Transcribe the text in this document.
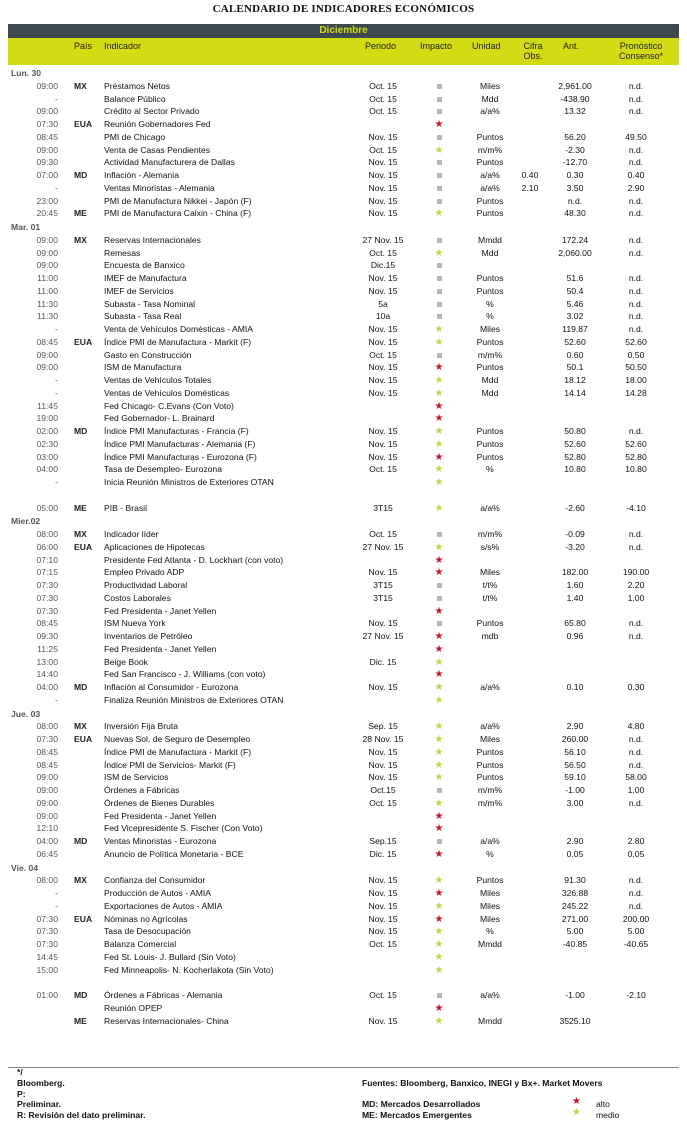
CALENDARIO DE INDICADORES ECONÓMICOS
Diciembre
País Indicador	Periodo	Impacto Unidad	Cifra Obs.
Ant.	Pronóstico Consenso*
Lun. 30
09:00 MX Préstamos Netos	Oct. 15	Miles	2,961.00	n.d.
-	Balance Público	Oct. 15	Mdd	-438.90	n.d.
09:00	Crédito al Sector Privado	Oct. 15	a/a%	13.32	n.d.
07:30 EUA Reunión Gobernadores Fed	★
08:45	PMI de Chicago	Nov. 15	Puntos	56.20	49.50
09:00	Venta de Casas Pendientes	Oct. 15	★	m/m%	-2.30	n.d.
09:30	Actividad Manufacturera de Dallas	Nov. 15	Puntos	-12.70	n.d.
07:00 MD Inflación - Alemania	Nov. 15	a/a%	0.40	0.30	0.40
-	Ventas Minoristas - Alemania	Nov. 15	a/a%	2.10	3.50	2.90
23:00	PMI de Manufactura Nikkei - Japón (F)	Nov. 15	Puntos	n.d.	n.d.
20:45 ME PMI de Manufactura Caixin - China (F)	Nov. 15	★	Puntos	48.30	n.d.
Mar. 01
09:00 MX Reservas Internacionales	27 Nov. 15	Mmdd	172.24	n.d.
09:00	Remesas	Oct. 15	★	Mdd	2,060.00	n.d.
09:00	Encuesta de Banxico	Dic.15
11:00	IMEF de Manufactura	Nov. 15	Puntos	51.6	n.d.
11:00	IMEF de Servicios	Nov. 15	Puntos	50.4	n.d.
11:30	Subasta - Tasa Nominal	5a	%	5.46	n.d.
11:30	Subasta - Tasa Real	10a	%	3.02	n.d.
-	Venta de Vehículos Domésticas - AMIA	Nov. 15	★	Miles	119.87	n.d.
08:45 EUA Índice PMI de Manufactura - Markit (F)	Nov. 15	★	Puntos	52.60	52.60
09:00	Gasto en Construcción	Oct. 15	m/m%	0.60	0.50
09:00	ISM de Manufactura	Nov. 15	★	Puntos	50.1	50.50
-	Ventas de Vehículos Totales	Nov. 15	★	Mdd	18.12	18.00
-	Ventas de Vehículos Domésticas	Nov. 15	★	Mdd	14.14	14.28
11:45	Fed Chicago- C.Evans (Con Voto)	★
19:00	Fed Gobernador- L. Brainard	★
02:00 MD Índice PMI Manufacturas - Francia (F)	Nov. 15	★	Puntos	50.80	n.d.
02:30	Índice PMI Manufacturas - Alemania (F)	Nov. 15	★	Puntos	52.60	52.60
03:00	Índice PMI Manufacturas - Eurozona (F)	Nov. 15	★	Puntos	52.80	52.80
04:00	Tasa de Desempleo- Eurozona	Oct. 15	★	%	10.80	10.80
-	Inicia Reunión Ministros de Exteriores OTAN	★
05:00 ME PIB - Brasil	3T15	★	a/a%	-2.60	-4.10
Mier.02
08:00 MX Indicador líder	Oct. 15	m/m%	-0.09	n.d.
06:00 EUA Aplicaciones de Hipotecas	27 Nov. 15	★	s/s%	-3.20	n.d.
07:10	Presidente Fed Atlanta - D. Lockhart (con voto)	★
07:15	Empleo Privado ADP	Nov. 15	★	Miles	182.00	190.00
07:30	Productividad Laboral	3T15	t/t%	1.60	2.20
07:30	Costos Laborales	3T15	t/t%	1.40	1.00
07:30	Fed Presidenta - Janet Yellen	★
08:45	ISM Nueva York	Nov. 15	Puntos	65.80	n.d.
09:30	Inventarios de Petróleo	27 Nov. 15	★	mdb	0.96	n.d.
11:25	Fed Presidenta - Janet Yellen	★
13:00	Beige Book	Dic. 15	★
14:40	Fed San Francisco - J. Williams (con voto)	★
04:00 MD Inflación al Consumidor - Eurozona	Nov. 15	★	a/a%	0.10	0.30
-	Finaliza Reunión Ministros de Exteriores OTAN	★
Jue. 03
08:00 MX Inversión Fija Bruta	Sep. 15	★	a/a%	2.90	4.80
07:30 EUA Nuevas Sol. de Seguro de Desempleo	28 Nov. 15	★	Miles	260.00	n.d.
08:45	Índice PMI de Manufactura - Markit (F)	Nov. 15	★	Puntos	56.10	n.d.
08:45	Índice PMI de Servicios- Markit (F)	Nov. 15	★	Puntos	56.50	n.d.
09:00	ISM de Servicios	Nov. 15	★	Puntos	59.10	58.00
09:00	Órdenes a Fábricas	Oct.15	m/m%	-1.00	1.00
09:00	Órdenes de Bienes Durables	Oct. 15	★	m/m%	3.00	n.d.
09:00	Fed Presidenta - Janet Yellen	★
12:10	Fed Vicepresidente S. Fischer (Con Voto)	★
04:00 MD Ventas Minoristas - Eurozona	Sep.15	a/a%	2.90	2.80
06:45	Anuncio de Política Monetaria - BCE	Dic. 15	★	%	0.05	0.05
Vie. 04
08:00 MX Confianza del Consumidor	Nov. 15	★	Puntos	91.30	n.d.
-	Producción de Autos - AMIA	Nov. 15	★	Miles	326.88	n.d.
-	Exportaciones de Autos - AMIA	Nov. 15	★	Miles	245.22	n.d.
07:30 EUA Nóminas no Agrícolas	Nov. 15	★	Miles	271.00	200.00
07:30	Tasa de Desocupación	Nov. 15	★	%	5.00	5.00
07:30	Balanza Comercial	Oct. 15	★	Mmdd	-40.85	-40.65
14:45	Fed St. Louis- J. Bullard (Sin Voto)	★
15:00	Fed Minneapolis- N. Kocherlakota (Sin Voto)	★
01:00 MD Órdenes a Fábricas - Alemania	Oct. 15	a/a%	-1.00	-2.10
Reunión OPEP	★
ME Reservas Internacionales- China	Nov. 15	★	Mmdd	3525.10
*/
Bloomberg.
P:
Preliminar.
R: Revisión del dato preliminar.
Fuentes: Bloomberg, Banxico, INEGI y Bx+. Market Movers
MD: Mercados Desarrollados
ME: Mercados Emergentes
★ alto
★ medio
